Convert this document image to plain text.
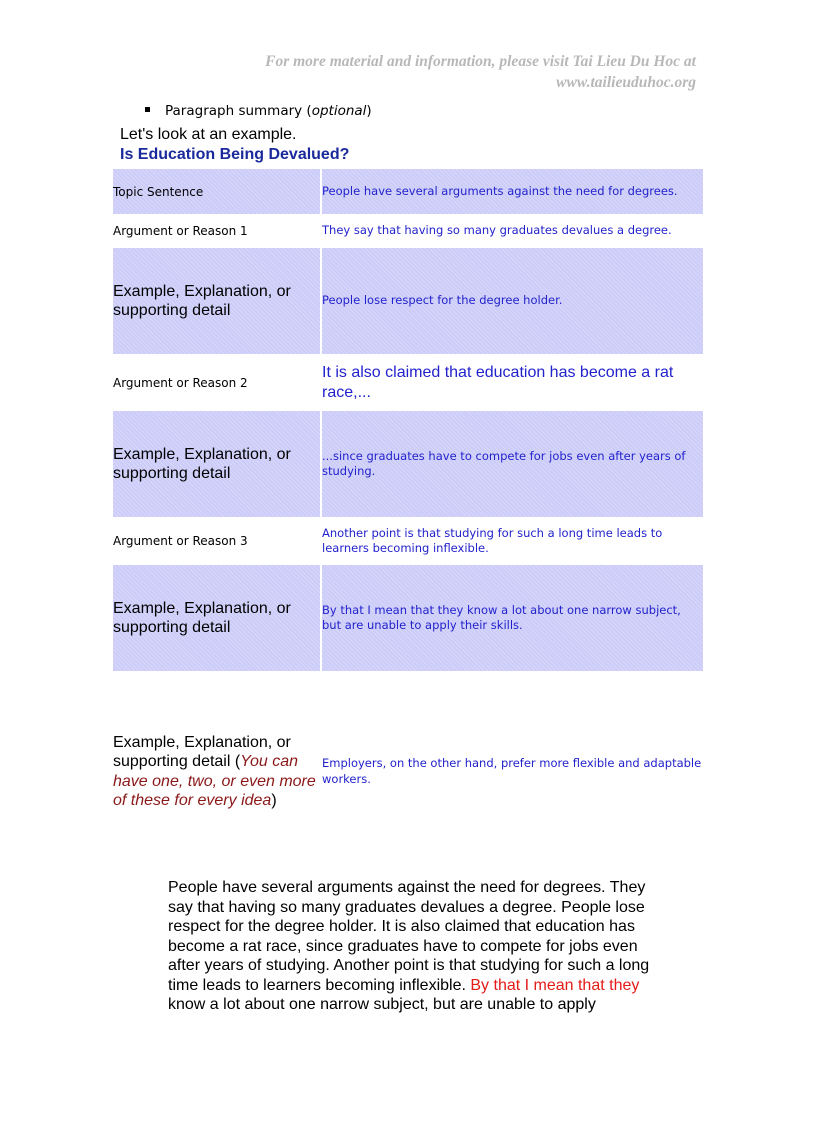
For more material and information, please visit Tai Lieu Du Hoc at
www.tailieuduhoc.org
Paragraph summary (optional)
Let's look at an example.
Is Education Being Devalued?
Topic Sentence	People have several arguments against the need for degrees.
Argument or Reason 1	They say that having so many graduates devalues a degree.
Example, Explanation, or supporting detail	People lose respect for the degree holder.
Argument or Reason 2	It is also claimed that education has become a rat race,...
Example, Explanation, or supporting detail	...since graduates have to compete for jobs even after years of studying.
Argument or Reason 3	Another point is that studying for such a long time leads to learners becoming inflexible.
Example, Explanation, or supporting detail	By that I mean that they know a lot about one narrow subject, but are unable to apply their skills.
Example, Explanation, or supporting detail (You can have one, two, or even more of these for every idea)	Employers, on the other hand, prefer more flexible and adaptable workers.
People have several arguments against the need for degrees. They say that having so many graduates devalues a degree. People lose respect for the degree holder. It is also claimed that education has become a rat race, since graduates have to compete for jobs even after years of studying. Another point is that studying for such a long time leads to learners becoming inflexible. By that I mean that they know a lot about one narrow subject, but are unable to apply
